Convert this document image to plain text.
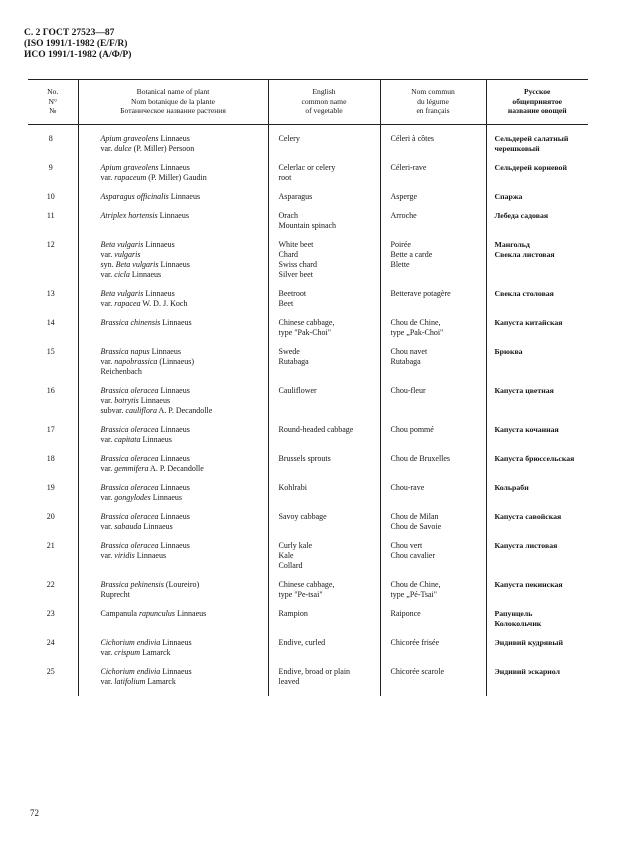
С. 2 ГОСТ 27523—87
(ISO 1991/1-1982 (E/F/R)
ИСО 1991/1-1982 (А/Ф/Р)
No.
N°
№	Botanical name of plant
Nom botanique de la plante
Ботаническое название растения	English
common name
of vegetable	Nom commun
du légume
en français	Русское
общепринятое
название овощей

8	Apium graveolens Linnaeus
var. dulce (P. Miller) Persoon	Celery	Céleri à côtes	Сельдерей салатный
черешковый

9	Apium graveolens Linnaeus
var. rapaceum (P. Miller) Gaudin	Celerlac or celery
root	Céleri-rave	Сельдерей корневой

10	Asparagus officinalis Linnaeus	Asparagus	Asperge	Спаржа

11	Atriplex hortensis Linnaeus	Orach
Mountain spinach	Arroche	Лебеда садовая

12	Beta vulgaris Linnaeus
var. vulgaris
syn. Beta vulgaris Linnaeus
var. cicla Linnaeus	White beet
Chard
Swiss chard
Silver beet	Poirée
Bette a carde
Blette	Мангольд
Свекла листовая

13	Beta vulgaris Linnaeus
var. rapacea W. D. J. Koch	Beetroot
Beet	Betterave potagère	Свекла столовая

14	Brassica chinensis Linnaeus	Chinese cabbage,
type "Pak-Choi"	Chou de Chine,
type „Pak-Choi"	Капуста китайская

15	Brassica napus Linnaeus
var. napobrassica (Linnaeus)
Reichenbach	Swede
Rutabaga	Chou navet
Rutabaga	Брюква

16	Brassica oleracea Linnaeus
var. botrytis Linnaeus
subvar. cauliflora A. P. Decandolle	Cauliflower	Chou-fleur	Капуста цветная

17	Brassica oleracea Linnaeus
var. capitata Linnaeus	Round-headed cabbage	Chou pommé	Капуста кочанная

18	Brassica oleracea Linnaeus
var. gemmifera A. P. Decandolle	Brussels sprouts	Chou de Bruxelles	Капуста брюссельская

19	Brassica oleracea Linnaeus
var. gongylodes Linnaeus	Kohlrabi	Chou-rave	Кольраби

20	Brassica oleracea Linnaeus
var. sabauda Linnaeus	Savoy cabbage	Chou de Milan
Chou de Savoie	Капуста савойская

21	Brassica oleracea Linnaeus
var. viridis Linnaeus	Curly kale
Kale
Collard	Chou vert
Chou cavalier	Капуста листовая

22	Brassica pekinensis (Loureiro)
Ruprecht	Chinese cabbage,
type "Pe-tsai"	Chou de Chine,
type „Pé-Tsai"	Капуста пекинская

23	Campanula rapunculus Linnaeus	Rampion	Raiponce	Рапунцель
Колокольчик

24	Cichorium endivia Linnaeus
var. crispum Lamarck	Endive, curled	Chicorée frisée	Эндивий кудрявый

25	Cichorium endivia Linnaeus
var. latifolium Lamarck	Endive, broad or plain
leaved	Chicorée scarole	Эндивий эскариол

72
